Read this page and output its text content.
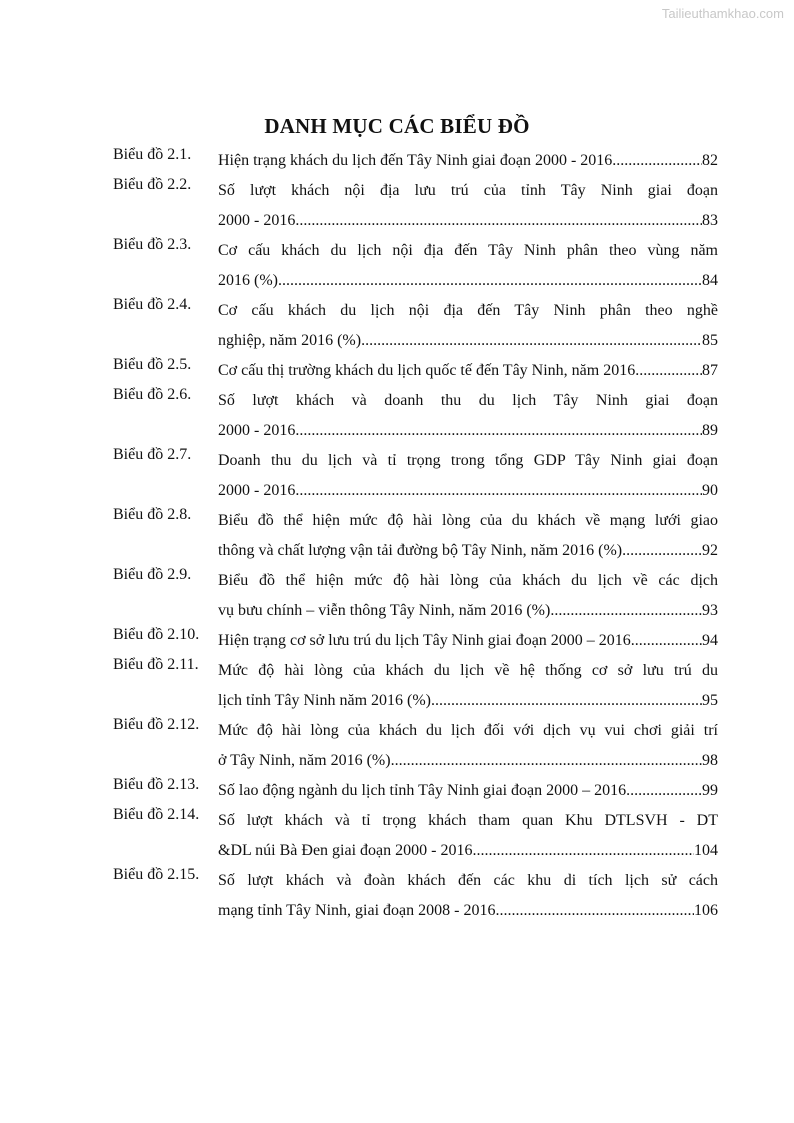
Tailieuthamkhao.com
DANH MỤC CÁC BIỂU ĐỒ
Biểu đồ 2.1.	Hiện trạng khách du lịch đến Tây Ninh giai đoạn 2000 - 2016 .....	82
Biểu đồ 2.2.	Số lượt khách nội địa lưu trú của tỉnh Tây Ninh giai đoạn
2000 - 2016 .....	83
Biểu đồ 2.3.	Cơ cấu khách du lịch nội địa đến Tây Ninh phân theo vùng năm
2016 (%) .....	84
Biểu đồ 2.4.	Cơ cấu khách du lịch nội địa đến Tây Ninh phân theo nghề
nghiệp, năm 2016 (%) .....	85
Biểu đồ 2.5.	Cơ cấu thị trường khách du lịch quốc tế đến Tây Ninh, năm 2016 .....	87
Biểu đồ 2.6.	Số lượt khách và doanh thu du lịch Tây Ninh giai đoạn
2000 - 2016 .....	89
Biểu đồ 2.7.	Doanh thu du lịch và tỉ trọng trong tổng GDP Tây Ninh giai đoạn
2000 - 2016 .....	90
Biểu đồ 2.8.	Biểu đồ thể hiện mức độ hài lòng của du khách về mạng lưới giao
thông và chất lượng vận tải đường bộ Tây Ninh, năm 2016 (%) .....	92
Biểu đồ 2.9.	Biểu đồ thể hiện mức độ hài lòng của khách du lịch về các dịch
vụ bưu chính – viễn thông Tây Ninh, năm 2016 (%) .....	93
Biểu đồ 2.10.	Hiện trạng cơ sở lưu trú du lịch Tây Ninh giai đoạn 2000 – 2016 .....	94
Biểu đồ 2.11.	Mức độ hài lòng của khách du lịch về hệ thống cơ sở lưu trú du
lịch tỉnh Tây Ninh năm 2016 (%) .....	95
Biểu đồ 2.12.	Mức độ hài lòng của khách du lịch đối với dịch vụ vui chơi giải trí
ở Tây Ninh, năm 2016 (%) .....	98
Biểu đồ 2.13.	Số lao động ngành du lịch tỉnh Tây Ninh giai đoạn 2000 – 2016 .....	99
Biểu đồ 2.14.	Số lượt khách và tỉ trọng khách tham quan Khu DTLSVH - DT
&DL núi Bà Đen giai đoạn 2000 - 2016 .....	104
Biểu đồ 2.15.	Số lượt khách và đoàn khách đến các khu di tích lịch sử cách
mạng tỉnh Tây Ninh, giai đoạn 2008 - 2016 .....	106
